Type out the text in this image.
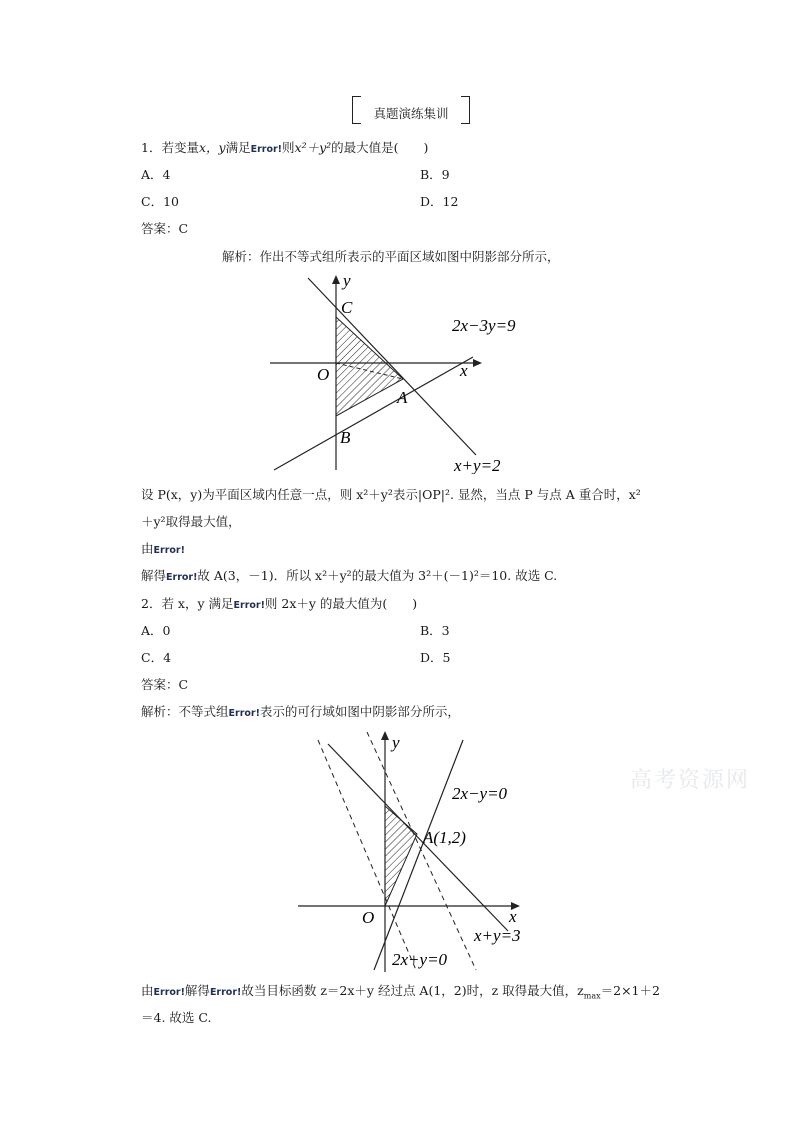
真题演练集训
1．若变量x，y满足Error!则x²＋y²的最大值是(　　)
A．4	B．9
C．10	D．12
答案：C
解析：作出不等式组所表示的平面区域如图中阴影部分所示，
y
C
O	x
A
B
2x−3y=9
x+y=2
设 P(x，y)为平面区域内任意一点，则 x²＋y²表示|OP|². 显然，当点 P 与点 A 重合时，x²
＋y²取得最大值，
由Error!
解得Error!故 A(3，－1)．所以 x²＋y²的最大值为 3²＋(－1)²＝10. 故选 C.
2．若 x，y 满足Error!则 2x＋y 的最大值为(　　)
A．0	B．3
C．4	D．5
答案：C
解析：不等式组Error!表示的可行域如图中阴影部分所示，
y
2x−y=0
A(1,2)
O	x
x+y=3
2x+y=0
由Error!解得Error!故当目标函数 z＝2x＋y 经过点 A(1，2)时，z 取得最大值，$z_{max}=2\times 1+2$
＝4. 故选 C.
高考资源网
